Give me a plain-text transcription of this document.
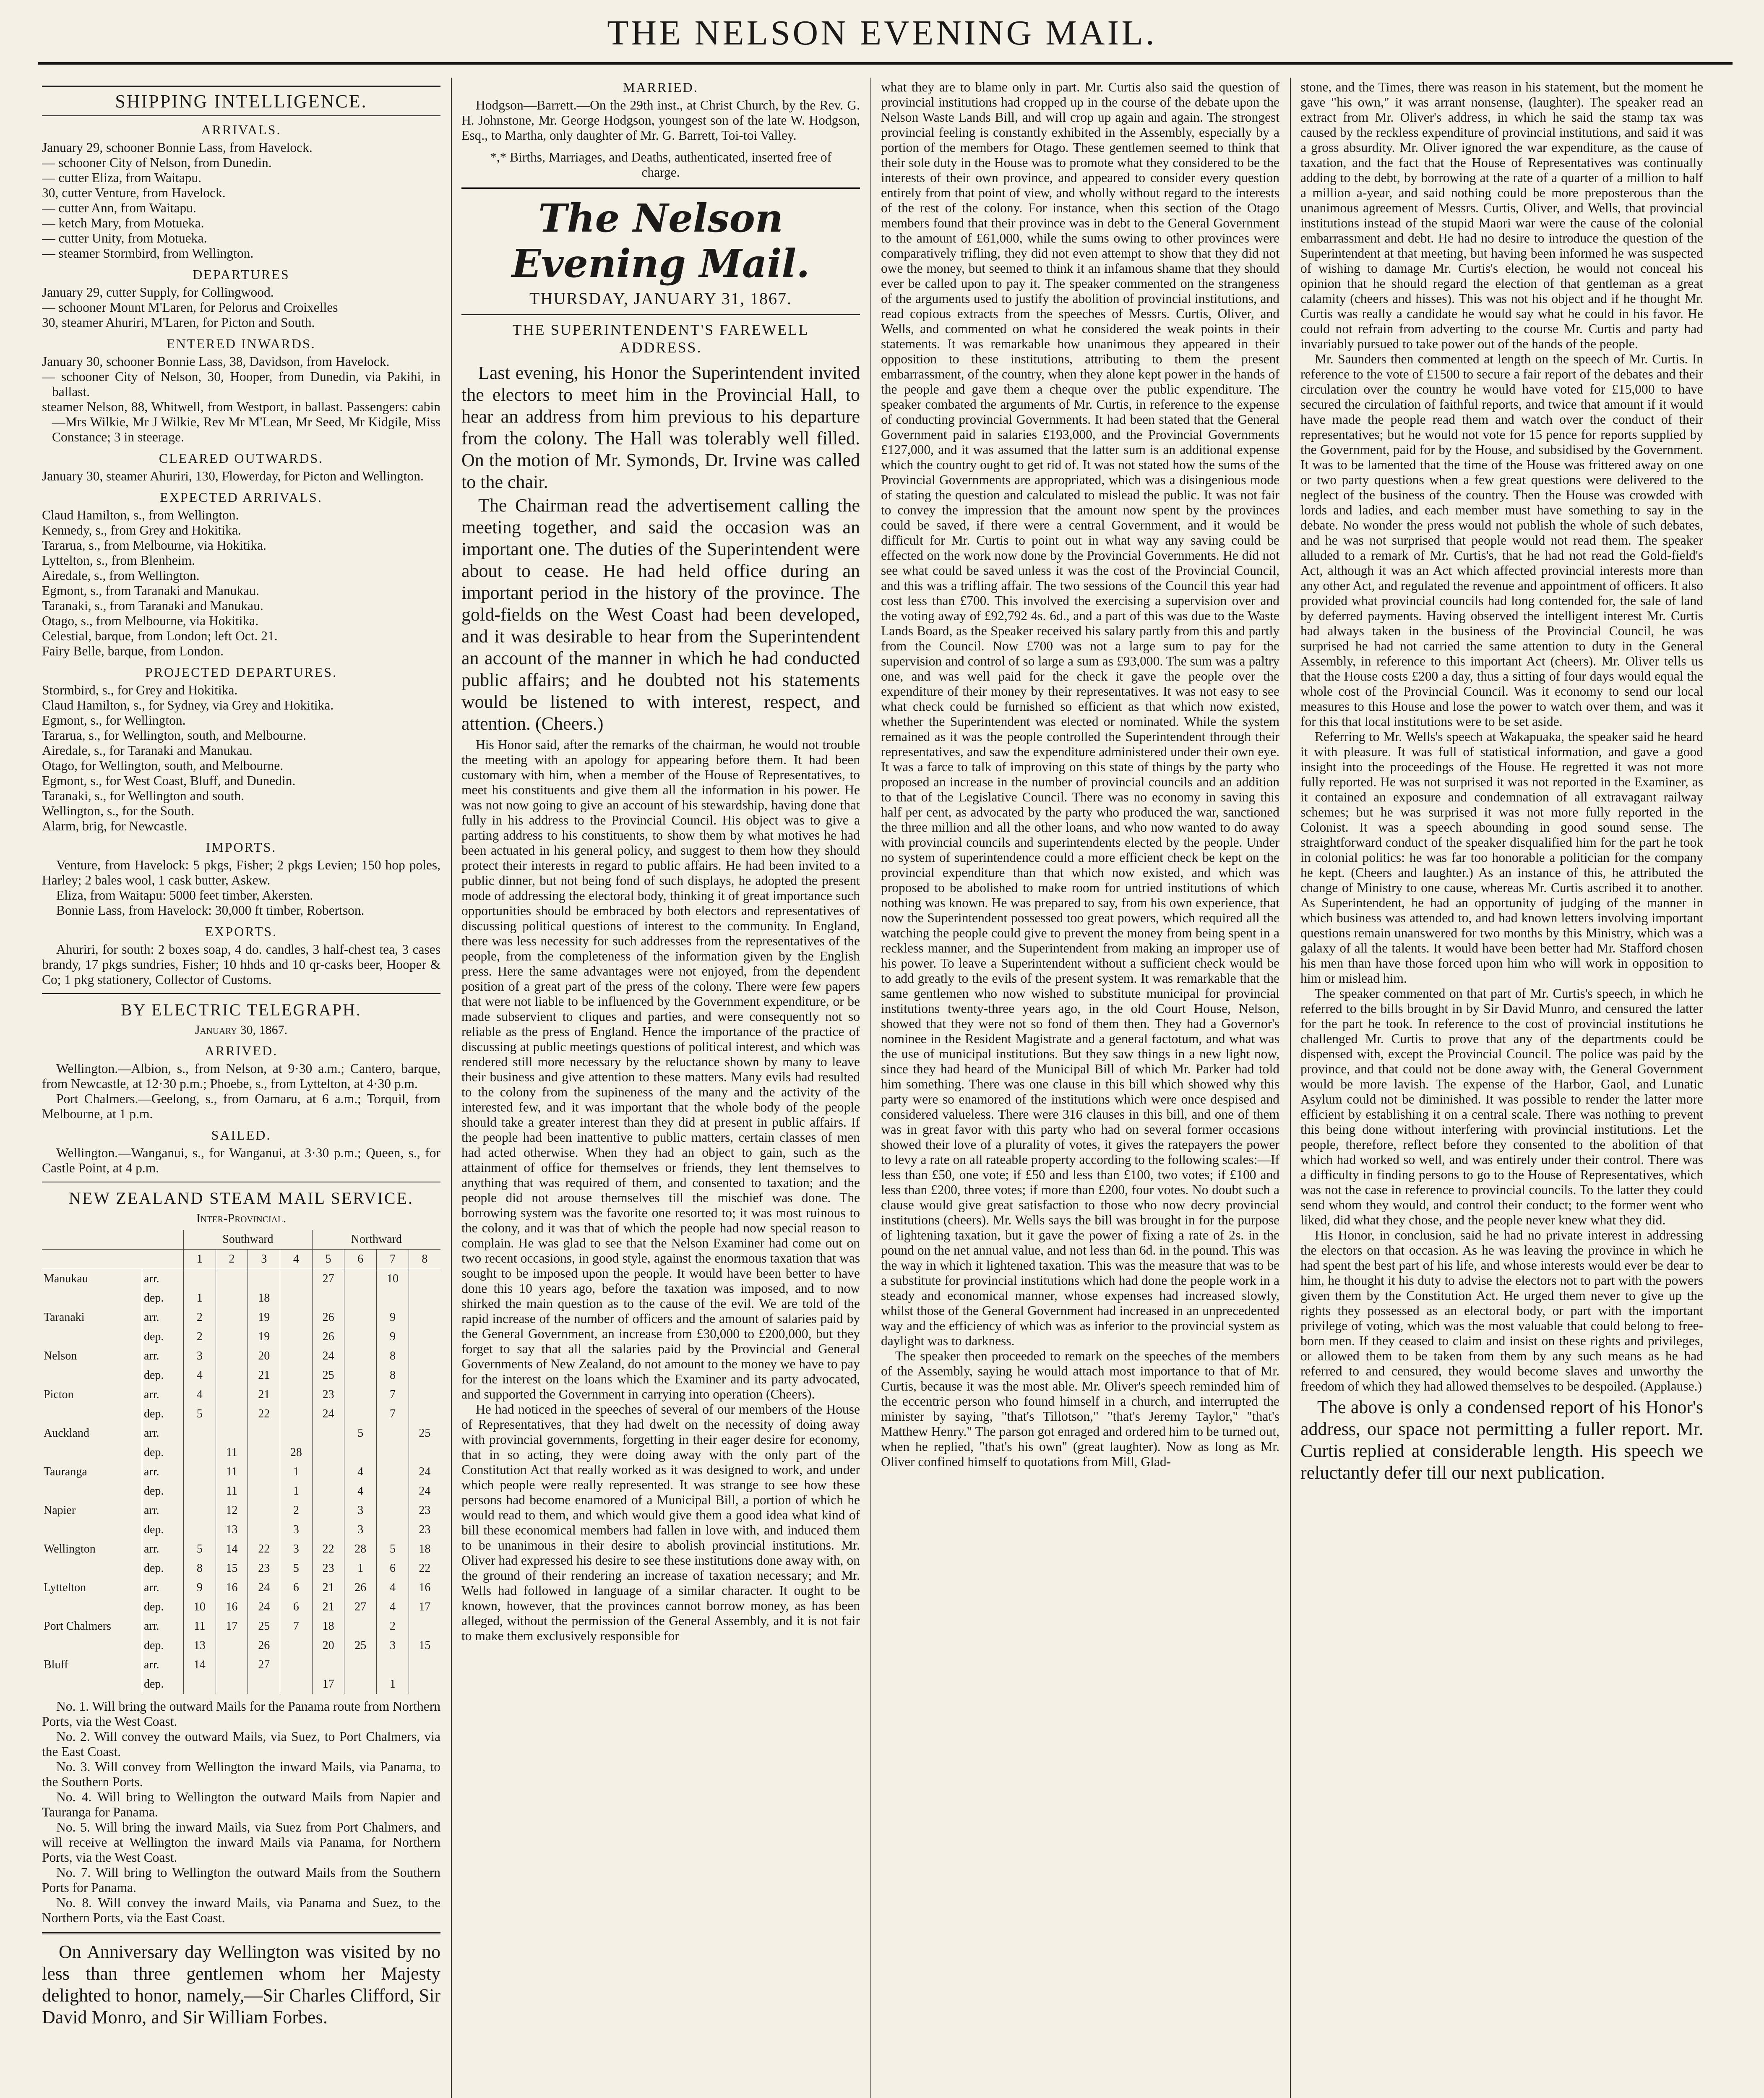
THE NELSON EVENING MAIL.
SHIPPING INTELLIGENCE.
ARRIVALS.

January 29, schooner Bonnie Lass, from Havelock.

— schooner City of Nelson, from Dunedin.

— cutter Eliza, from Waitapu.

30, cutter Venture, from Havelock.

— cutter Ann, from Waitapu.

— ketch Mary, from Motueka.

— cutter Unity, from Motueka.

— steamer Stormbird, from Wellington.

DEPARTURES

January 29, cutter Supply, for Collingwood.

— schooner Mount M'Laren, for Pelorus and Croixelles

30, steamer Ahuriri, M'Laren, for Picton and South.

ENTERED INWARDS.

January 30, schooner Bonnie Lass, 38, Davidson, from Havelock.

— schooner City of Nelson, 30, Hooper, from Dunedin, via Pakihi, in ballast.

steamer Nelson, 88, Whitwell, from Westport, in ballast. Passengers: cabin—Mrs Wilkie, Mr J Wilkie, Rev Mr M'Lean, Mr Seed, Mr Kidgile, Miss Constance; 3 in steerage.

CLEARED OUTWARDS.

January 30, steamer Ahuriri, 130, Flowerday, for Picton and Wellington.

EXPECTED ARRIVALS.

Claud Hamilton, s., from Wellington.

Kennedy, s., from Grey and Hokitika.

Tararua, s., from Melbourne, via Hokitika.

Lyttelton, s., from Blenheim.

Airedale, s., from Wellington.

Egmont, s., from Taranaki and Manukau.

Taranaki, s., from Taranaki and Manukau.

Otago, s., from Melbourne, via Hokitika.

Celestial, barque, from London; left Oct. 21.

Fairy Belle, barque, from London.

PROJECTED DEPARTURES.

Stormbird, s., for Grey and Hokitika.

Claud Hamilton, s., for Sydney, via Grey and Hokitika.

Egmont, s., for Wellington.

Tararua, s., for Wellington, south, and Melbourne.

Airedale, s., for Taranaki and Manukau.

Otago, for Wellington, south, and Melbourne.

Egmont, s., for West Coast, Bluff, and Dunedin.

Taranaki, s., for Wellington and south.

Wellington, s., for the South.

Alarm, brig, for Newcastle.

IMPORTS.

Venture, from Havelock: 5 pkgs, Fisher; 2 pkgs Levien; 150 hop poles, Harley; 2 bales wool, 1 cask butter, Askew.

Eliza, from Waitapu: 5000 feet timber, Akersten.

Bonnie Lass, from Havelock: 30,000 ft timber, Robertson.

EXPORTS.

Ahuriri, for south: 2 boxes soap, 4 do. candles, 3 half-chest tea, 3 cases brandy, 17 pkgs sundries, Fisher; 10 hhds and 10 qr-casks beer, Hooper & Co; 1 pkg stationery, Collector of Customs.

BY ELECTRIC TELEGRAPH.
January 30, 1867.
ARRIVED.

Wellington.—Albion, s., from Nelson, at 9·30 a.m.; Cantero, barque, from Newcastle, at 12·30 p.m.; Phoebe, s., from Lyttelton, at 4·30 p.m.

Port Chalmers.—Geelong, s., from Oamaru, at 6 a.m.; Torquil, from Melbourne, at 1 p.m.

SAILED.

Wellington.—Wanganui, s., for Wanganui, at 3·30 p.m.; Queen, s., for Castle Point, at 4 p.m.

NEW ZEALAND STEAM MAIL SERVICE.
Inter-Provincial.
		Southward				Northward			
		1	2	3	4	5	6	7	8
Manukau	arr.					27		10	
	dep.	1		18					
Taranaki	arr.	2		19		26		9	
	dep.	2		19		26		9	
Nelson	arr.	3		20		24		8	
	dep.	4		21		25		8	
Picton	arr.	4		21		23		7	
	dep.	5		22		24		7	
Auckland	arr.						5		25
	dep.		11		28				
Tauranga	arr.		11		1		4		24
	dep.		11		1		4		24
Napier	arr.		12		2		3		23
	dep.		13		3		3		23
Wellington	arr.	5	14	22	3	22	28	5	18
	dep.	8	15	23	5	23	1	6	22
Lyttelton	arr.	9	16	24	6	21	26	4	16
	dep.	10	16	24	6	21	27	4	17
Port Chalmers	arr.	11	17	25	7	18		2	
	dep.	13		26		20	25	3	15
Bluff	arr.	14		27					
	dep.					17		1	

No. 1. Will bring the outward Mails for the Panama route from Northern Ports, via the West Coast.

No. 2. Will convey the outward Mails, via Suez, to Port Chalmers, via the East Coast.

No. 3. Will convey from Wellington the inward Mails, via Panama, to the Southern Ports.

No. 4. Will bring to Wellington the outward Mails from Napier and Tauranga for Panama.

No. 5. Will bring the inward Mails, via Suez from Port Chalmers, and will receive at Wellington the inward Mails via Panama, for Northern Ports, via the West Coast.

No. 7. Will bring to Wellington the outward Mails from the Southern Ports for Panama.

No. 8. Will convey the inward Mails, via Panama and Suez, to the Northern Ports, via the East Coast.

On Anniversary day Wellington was visited by no less than three gentlemen whom her Majesty delighted to honor, namely,—Sir Charles Clifford, Sir David Monro, and Sir William Forbes.

MARRIED.

Hodgson—Barrett.—On the 29th inst., at Christ Church, by the Rev. G. H. Johnstone, Mr. George Hodgson, youngest son of the late W. Hodgson, Esq., to Martha, only daughter of Mr. G. Barrett, Toi-toi Valley.

*,* Births, Marriages, and Deaths, authenticated, inserted free of charge.
The Nelson Evening Mail.
THURSDAY, JANUARY 31, 1867.
THE SUPERINTENDENT'S FAREWELL ADDRESS.

Last evening, his Honor the Superintendent invited the electors to meet him in the Provincial Hall, to hear an address from him previous to his departure from the colony. The Hall was tolerably well filled. On the motion of Mr. Symonds, Dr. Irvine was called to the chair.

The Chairman read the advertisement calling the meeting together, and said the occasion was an important one. The duties of the Superintendent were about to cease. He had held office during an important period in the history of the province. The gold-fields on the West Coast had been developed, and it was desirable to hear from the Superintendent an account of the manner in which he had conducted public affairs; and he doubted not his statements would be listened to with interest, respect, and attention. (Cheers.)

His Honor said, after the remarks of the chairman, he would not trouble the meeting with an apology for appearing before them. It had been customary with him, when a member of the House of Representatives, to meet his constituents and give them all the information in his power. He was not now going to give an account of his stewardship, having done that fully in his address to the Provincial Council. His object was to give a parting address to his constituents, to show them by what motives he had been actuated in his general policy, and suggest to them how they should protect their interests in regard to public affairs. He had been invited to a public dinner, but not being fond of such displays, he adopted the present mode of addressing the electoral body, thinking it of great importance such opportunities should be embraced by both electors and representatives of discussing political questions of interest to the community. In England, there was less necessity for such addresses from the representatives of the people, from the completeness of the information given by the English press. Here the same advantages were not enjoyed, from the dependent position of a great part of the press of the colony. There were few papers that were not liable to be influenced by the Government expenditure, or be made subservient to cliques and parties, and were consequently not so reliable as the press of England. Hence the importance of the practice of discussing at public meetings questions of political interest, and which was rendered still more necessary by the reluctance shown by many to leave their business and give attention to these matters. Many evils had resulted to the colony from the supineness of the many and the activity of the interested few, and it was important that the whole body of the people should take a greater interest than they did at present in public affairs. If the people had been inattentive to public matters, certain classes of men had acted otherwise. When they had an object to gain, such as the attainment of office for themselves or friends, they lent themselves to anything that was required of them, and consented to taxation; and the people did not arouse themselves till the mischief was done. The borrowing system was the favorite one resorted to; it was most ruinous to the colony, and it was that of which the people had now special reason to complain. He was glad to see that the Nelson Examiner had come out on two recent occasions, in good style, against the enormous taxation that was sought to be imposed upon the people. It would have been better to have done this 10 years ago, before the taxation was imposed, and to now shirked the main question as to the cause of the evil. We are told of the rapid increase of the number of officers and the amount of salaries paid by the General Government, an increase from £30,000 to £200,000, but they forget to say that all the salaries paid by the Provincial and General Governments of New Zealand, do not amount to the money we have to pay for the interest on the loans which the Examiner and its party advocated, and supported the Government in carrying into operation (Cheers).

He had noticed in the speeches of several of our members of the House of Representatives, that they had dwelt on the necessity of doing away with provincial governments, forgetting in their eager desire for economy, that in so acting, they were doing away with the only part of the Constitution Act that really worked as it was designed to work, and under which people were really represented. It was strange to see how these persons had become enamored of a Municipal Bill, a portion of which he would read to them, and which would give them a good idea what kind of bill these economical members had fallen in love with, and induced them to be unanimous in their desire to abolish provincial institutions. Mr. Oliver had expressed his desire to see these institutions done away with, on the ground of their rendering an increase of taxation necessary; and Mr. Wells had followed in language of a similar character. It ought to be known, however, that the provinces cannot borrow money, as has been alleged, without the permission of the General Assembly, and it is not fair to make them exclusively responsible for

what they are to blame only in part. Mr. Curtis also said the question of provincial institutions had cropped up in the course of the debate upon the Nelson Waste Lands Bill, and will crop up again and again. The strongest provincial feeling is constantly exhibited in the Assembly, especially by a portion of the members for Otago. These gentlemen seemed to think that their sole duty in the House was to promote what they considered to be the interests of their own province, and appeared to consider every question entirely from that point of view, and wholly without regard to the interests of the rest of the colony. For instance, when this section of the Otago members found that their province was in debt to the General Government to the amount of £61,000, while the sums owing to other provinces were comparatively trifling, they did not even attempt to show that they did not owe the money, but seemed to think it an infamous shame that they should ever be called upon to pay it. The speaker commented on the strangeness of the arguments used to justify the abolition of provincial institutions, and read copious extracts from the speeches of Messrs. Curtis, Oliver, and Wells, and commented on what he considered the weak points in their statements. It was remarkable how unanimous they appeared in their opposition to these institutions, attributing to them the present embarrassment, of the country, when they alone kept power in the hands of the people and gave them a cheque over the public expenditure. The speaker combated the arguments of Mr. Curtis, in reference to the expense of conducting provincial Governments. It had been stated that the General Government paid in salaries £193,000, and the Provincial Governments £127,000, and it was assumed that the latter sum is an additional expense which the country ought to get rid of. It was not stated how the sums of the Provincial Governments are appropriated, which was a disingenious mode of stating the question and calculated to mislead the public. It was not fair to convey the impression that the amount now spent by the provinces could be saved, if there were a central Government, and it would be difficult for Mr. Curtis to point out in what way any saving could be effected on the work now done by the Provincial Governments. He did not see what could be saved unless it was the cost of the Provincial Council, and this was a trifling affair. The two sessions of the Council this year had cost less than £700. This involved the exercising a supervision over and the voting away of £92,792 4s. 6d., and a part of this was due to the Waste Lands Board, as the Speaker received his salary partly from this and partly from the Council. Now £700 was not a large sum to pay for the supervision and control of so large a sum as £93,000. The sum was a paltry one, and was well paid for the check it gave the people over the expenditure of their money by their representatives. It was not easy to see what check could be furnished so efficient as that which now existed, whether the Superintendent was elected or nominated. While the system remained as it was the people controlled the Superintendent through their representatives, and saw the expenditure administered under their own eye. It was a farce to talk of improving on this state of things by the party who proposed an increase in the number of provincial councils and an addition to that of the Legislative Council. There was no economy in saving this half per cent, as advocated by the party who produced the war, sanctioned the three million and all the other loans, and who now wanted to do away with provincial councils and superintendents elected by the people. Under no system of superintendence could a more efficient check be kept on the provincial expenditure than that which now existed, and which was proposed to be abolished to make room for untried institutions of which nothing was known. He was prepared to say, from his own experience, that now the Superintendent possessed too great powers, which required all the watching the people could give to prevent the money from being spent in a reckless manner, and the Superintendent from making an improper use of his power. To leave a Superintendent without a sufficient check would be to add greatly to the evils of the present system. It was remarkable that the same gentlemen who now wished to substitute municipal for provincial institutions twenty-three years ago, in the old Court House, Nelson, showed that they were not so fond of them then. They had a Governor's nominee in the Resident Magistrate and a general factotum, and what was the use of municipal institutions. But they saw things in a new light now, since they had heard of the Municipal Bill of which Mr. Parker had told him something. There was one clause in this bill which showed why this party were so enamored of the institutions which were once despised and considered valueless. There were 316 clauses in this bill, and one of them was in great favor with this party who had on several former occasions showed their love of a plurality of votes, it gives the ratepayers the power to levy a rate on all rateable property according to the following scales:—If less than £50, one vote; if £50 and less than £100, two votes; if £100 and less than £200, three votes; if more than £200, four votes. No doubt such a clause would give great satisfaction to those who now decry provincial institutions (cheers). Mr. Wells says the bill was brought in for the purpose of lightening taxation, but it gave the power of fixing a rate of 2s. in the pound on the net annual value, and not less than 6d. in the pound. This was the way in which it lightened taxation. This was the measure that was to be a substitute for provincial institutions which had done the people work in a steady and economical manner, whose expenses had increased slowly, whilst those of the General Government had increased in an unprecedented way and the efficiency of which was as inferior to the provincial system as daylight was to darkness.

The speaker then proceeded to remark on the speeches of the members of the Assembly, saying he would attach most importance to that of Mr. Curtis, because it was the most able. Mr. Oliver's speech reminded him of the eccentric person who found himself in a church, and interrupted the minister by saying, "that's Tillotson," "that's Jeremy Taylor," "that's Matthew Henry." The parson got enraged and ordered him to be turned out, when he replied, "that's his own" (great laughter). Now as long as Mr. Oliver confined himself to quotations from Mill, Glad-

stone, and the Times, there was reason in his statement, but the moment he gave "his own," it was arrant nonsense, (laughter). The speaker read an extract from Mr. Oliver's address, in which he said the stamp tax was caused by the reckless expenditure of provincial institutions, and said it was a gross absurdity. Mr. Oliver ignored the war expenditure, as the cause of taxation, and the fact that the House of Representatives was continually adding to the debt, by borrowing at the rate of a quarter of a million to half a million a-year, and said nothing could be more preposterous than the unanimous agreement of Messrs. Curtis, Oliver, and Wells, that provincial institutions instead of the stupid Maori war were the cause of the colonial embarrassment and debt. He had no desire to introduce the question of the Superintendent at that meeting, but having been informed he was suspected of wishing to damage Mr. Curtis's election, he would not conceal his opinion that he should regard the election of that gentleman as a great calamity (cheers and hisses). This was not his object and if he thought Mr. Curtis was really a candidate he would say what he could in his favor. He could not refrain from adverting to the course Mr. Curtis and party had invariably pursued to take power out of the hands of the people.

Mr. Saunders then commented at length on the speech of Mr. Curtis. In reference to the vote of £1500 to secure a fair report of the debates and their circulation over the country he would have voted for £15,000 to have secured the circulation of faithful reports, and twice that amount if it would have made the people read them and watch over the conduct of their representatives; but he would not vote for 15 pence for reports supplied by the Government, paid for by the House, and subsidised by the Government. It was to be lamented that the time of the House was frittered away on one or two party questions when a few great questions were delivered to the neglect of the business of the country. Then the House was crowded with lords and ladies, and each member must have something to say in the debate. No wonder the press would not publish the whole of such debates, and he was not surprised that people would not read them. The speaker alluded to a remark of Mr. Curtis's, that he had not read the Gold-field's Act, although it was an Act which affected provincial interests more than any other Act, and regulated the revenue and appointment of officers. It also provided what provincial councils had long contended for, the sale of land by deferred payments. Having observed the intelligent interest Mr. Curtis had always taken in the business of the Provincial Council, he was surprised he had not carried the same attention to duty in the General Assembly, in reference to this important Act (cheers). Mr. Oliver tells us that the House costs £200 a day, thus a sitting of four days would equal the whole cost of the Provincial Council. Was it economy to send our local measures to this House and lose the power to watch over them, and was it for this that local institutions were to be set aside.

Referring to Mr. Wells's speech at Wakapuaka, the speaker said he heard it with pleasure. It was full of statistical information, and gave a good insight into the proceedings of the House. He regretted it was not more fully reported. He was not surprised it was not reported in the Examiner, as it contained an exposure and condemnation of all extravagant railway schemes; but he was surprised it was not more fully reported in the Colonist. It was a speech abounding in good sound sense. The straightforward conduct of the speaker disqualified him for the part he took in colonial politics: he was far too honorable a politician for the company he kept. (Cheers and laughter.) As an instance of this, he attributed the change of Ministry to one cause, whereas Mr. Curtis ascribed it to another. As Superintendent, he had an opportunity of judging of the manner in which business was attended to, and had known letters involving important questions remain unanswered for two months by this Ministry, which was a galaxy of all the talents. It would have been better had Mr. Stafford chosen his men than have those forced upon him who will work in opposition to him or mislead him.

The speaker commented on that part of Mr. Curtis's speech, in which he referred to the bills brought in by Sir David Munro, and censured the latter for the part he took. In reference to the cost of provincial institutions he challenged Mr. Curtis to prove that any of the departments could be dispensed with, except the Provincial Council. The police was paid by the province, and that could not be done away with, the General Government would be more lavish. The expense of the Harbor, Gaol, and Lunatic Asylum could not be diminished. It was possible to render the latter more efficient by establishing it on a central scale. There was nothing to prevent this being done without interfering with provincial institutions. Let the people, therefore, reflect before they consented to the abolition of that which had worked so well, and was entirely under their control. There was a difficulty in finding persons to go to the House of Representatives, which was not the case in reference to provincial councils. To the latter they could send whom they would, and control their conduct; to the former went who liked, did what they chose, and the people never knew what they did.

His Honor, in conclusion, said he had no private interest in addressing the electors on that occasion. As he was leaving the province in which he had spent the best part of his life, and whose interests would ever be dear to him, he thought it his duty to advise the electors not to part with the powers given them by the Constitution Act. He urged them never to give up the rights they possessed as an electoral body, or part with the important privilege of voting, which was the most valuable that could belong to free-born men. If they ceased to claim and insist on these rights and privileges, or allowed them to be taken from them by any such means as he had referred to and censured, they would become slaves and unworthy the freedom of which they had allowed themselves to be despoiled. (Applause.)

The above is only a condensed report of his Honor's address, our space not permitting a fuller report. Mr. Curtis replied at considerable length. His speech we reluctantly defer till our next publication.
